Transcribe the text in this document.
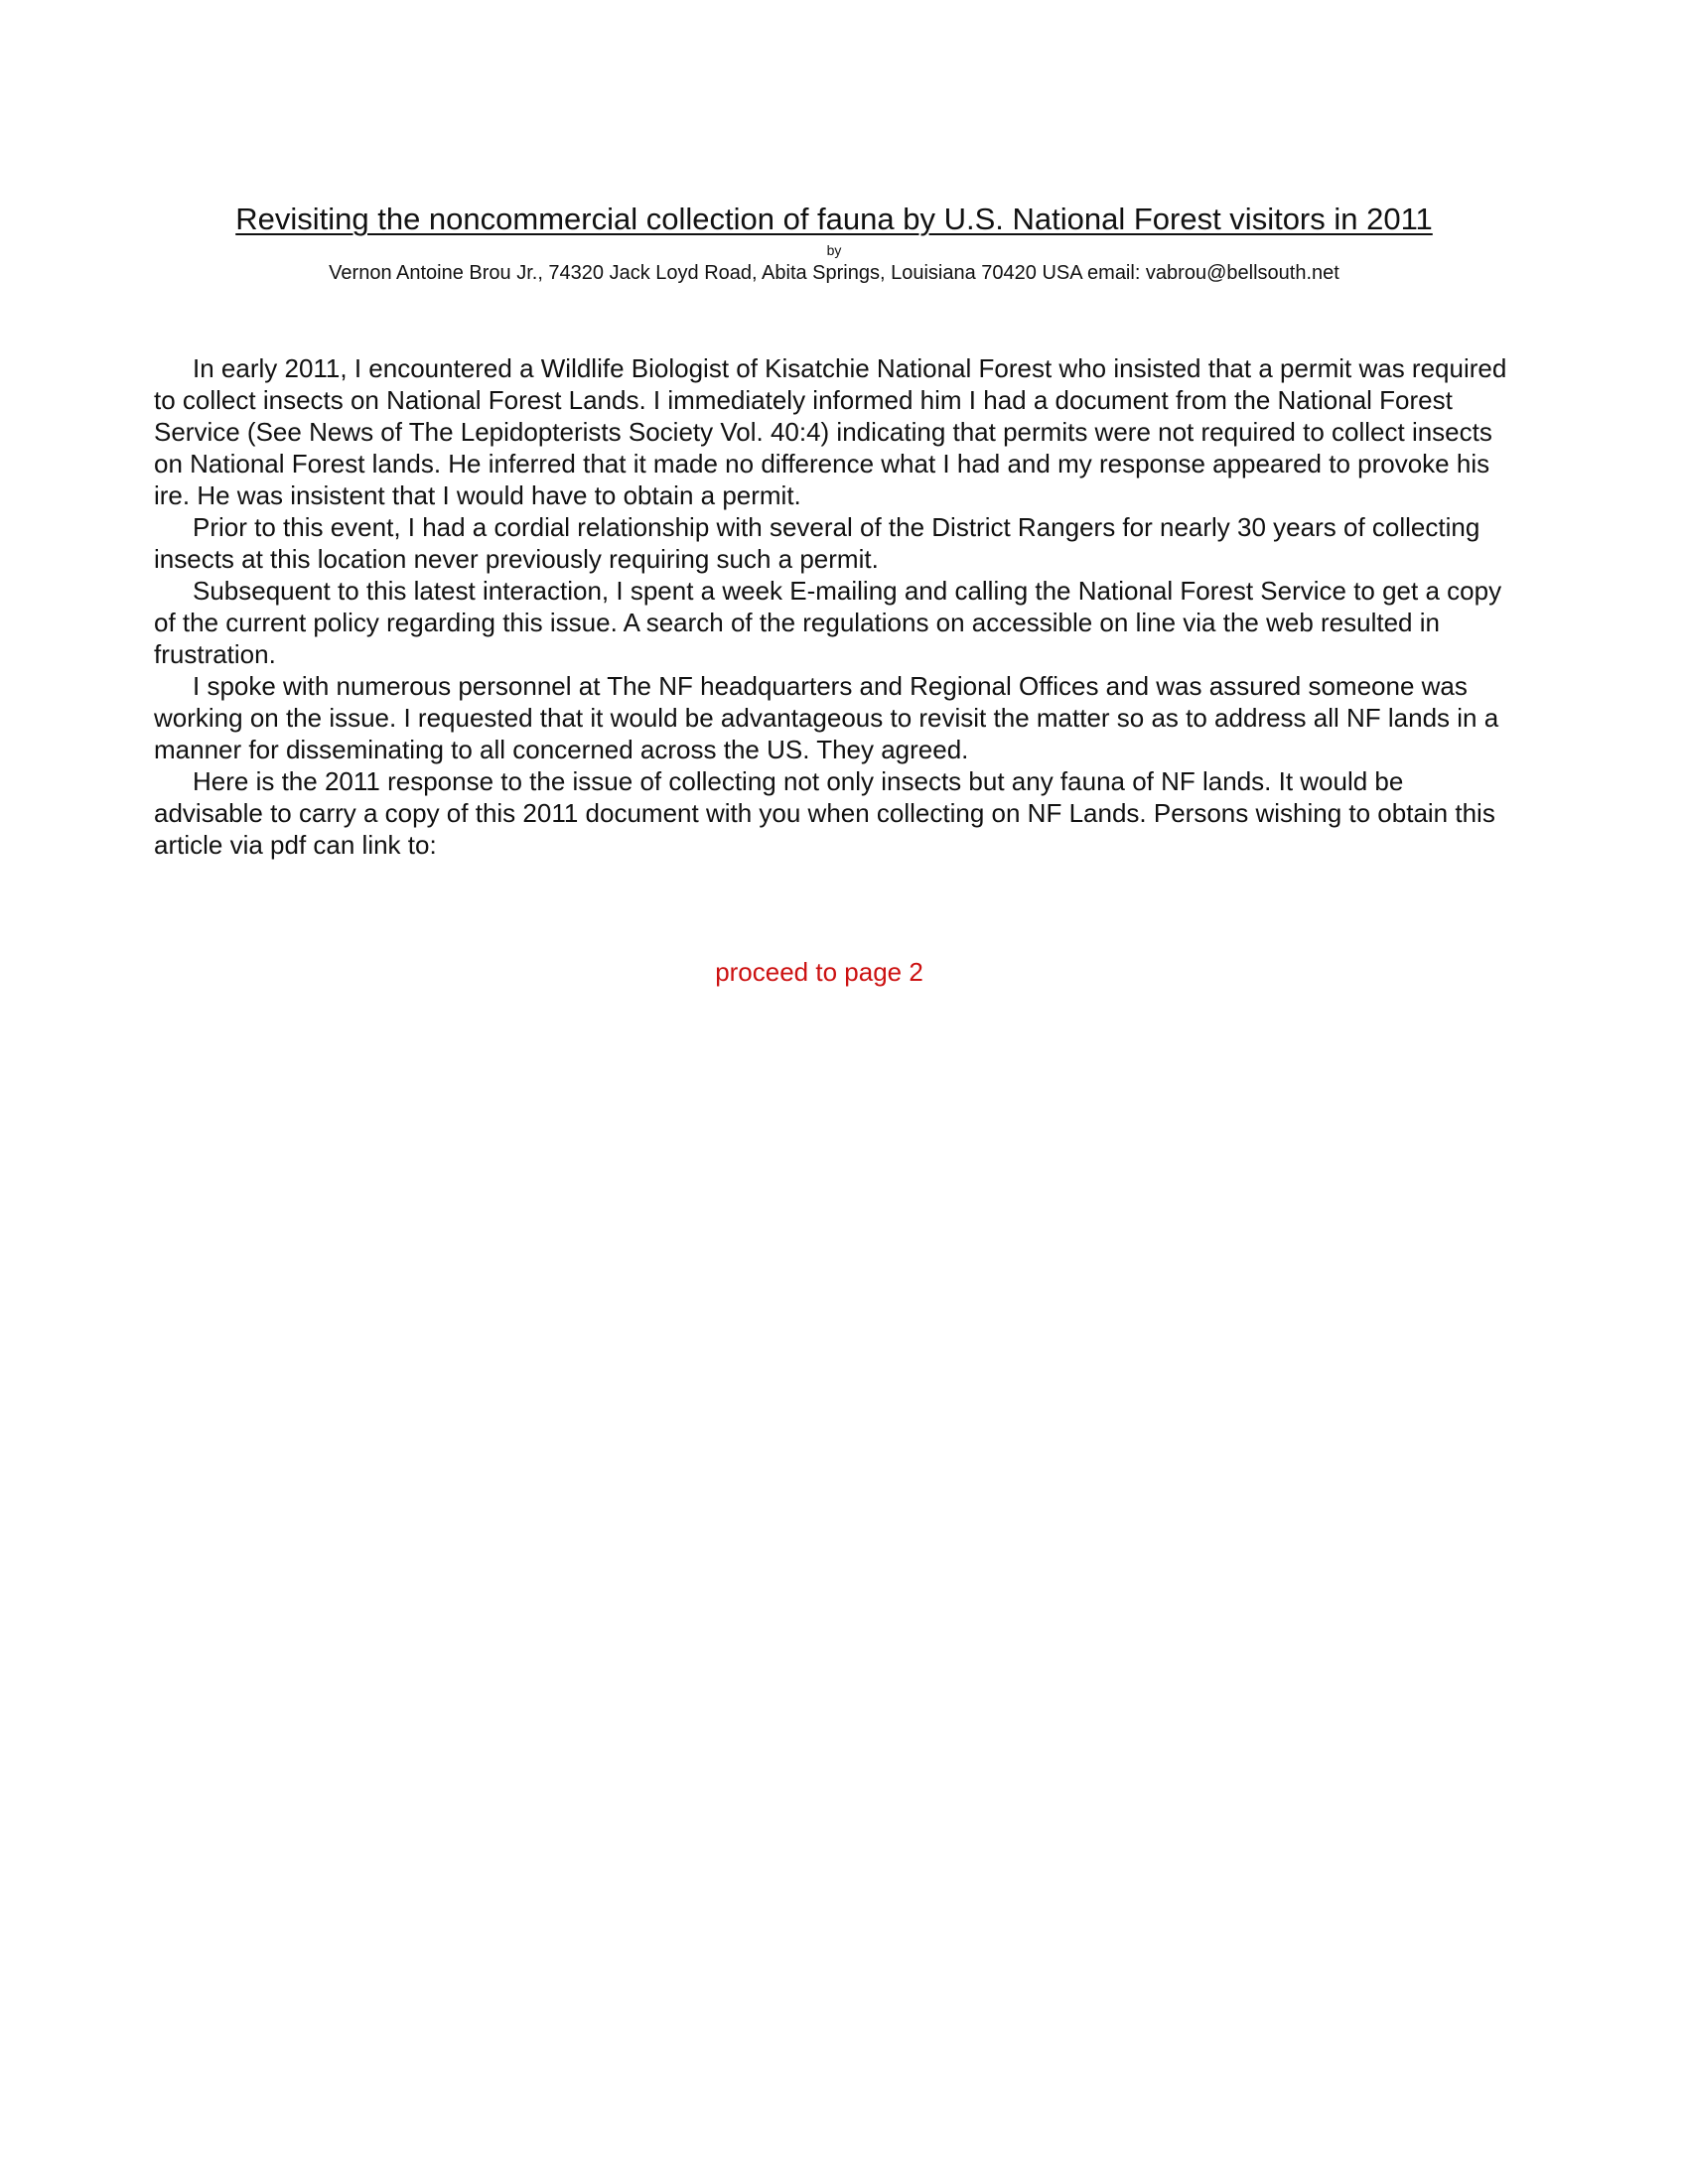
Revisiting the noncommercial collection of fauna by U.S. National Forest visitors in 2011
by
Vernon Antoine Brou Jr., 74320 Jack Loyd Road, Abita Springs, Louisiana 70420 USA email: vabrou@bellsouth.net

In early 2011, I encountered a Wildlife Biologist of Kisatchie National Forest who insisted that a permit was required to collect insects on National Forest Lands. I immediately informed him I had a document from the National Forest Service (See News of The Lepidopterists Society Vol. 40:4) indicating that permits were not required to collect insects on National Forest lands. He inferred that it made no difference what I had and my response appeared to provoke his ire. He was insistent that I would have to obtain a permit.

Prior to this event, I had a cordial relationship with several of the District Rangers for nearly 30 years of collecting insects at this location never previously requiring such a permit.

Subsequent to this latest interaction, I spent a week E-mailing and calling the National Forest Service to get a copy of the current policy regarding this issue. A search of the regulations on accessible on line via the web resulted in frustration.

I spoke with numerous personnel at The NF headquarters and Regional Offices and was assured someone was working on the issue. I requested that it would be advantageous to revisit the matter so as to address all NF lands in a manner for disseminating to all concerned across the US. They agreed.

Here is the 2011 response to the issue of collecting not only insects but any fauna of NF lands. It would be advisable to carry a copy of this 2011 document with you when collecting on NF Lands. Persons wishing to obtain this article via pdf can link to:

proceed to page 2
